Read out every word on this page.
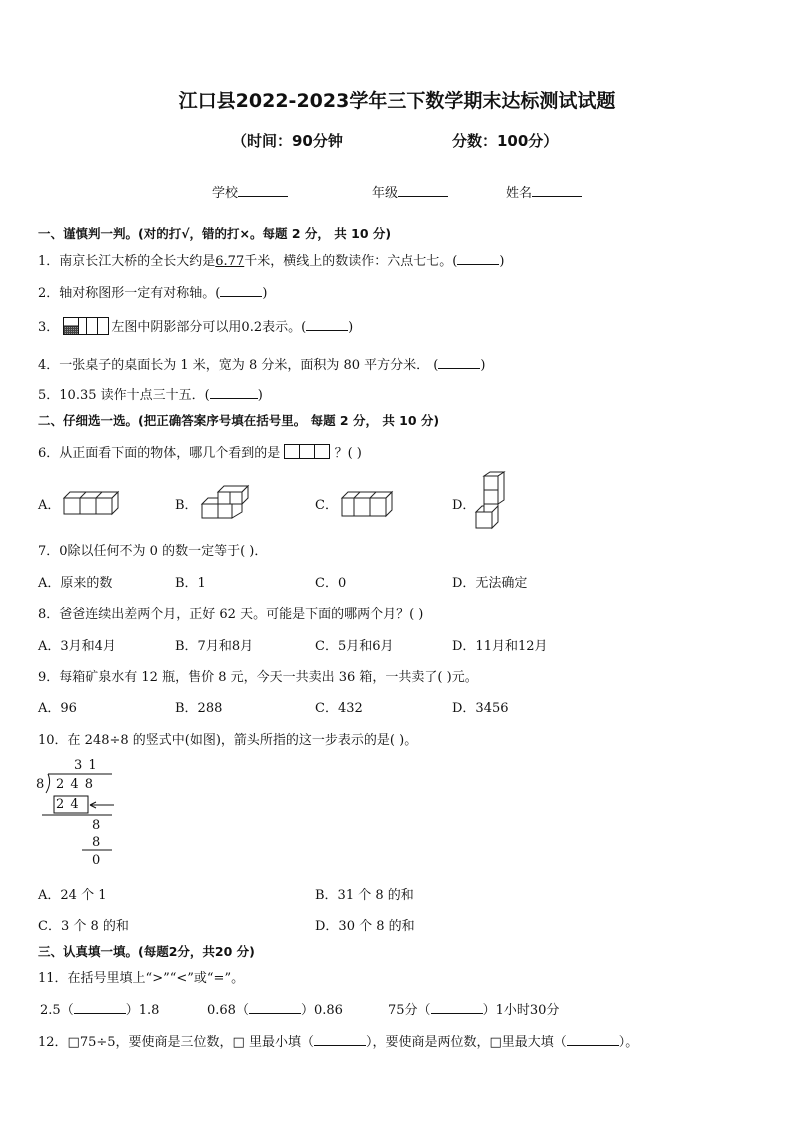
江口县2022-2023学年三下数学期末达标测试试题
（时间：90分钟	分数：100分）
学校	年级	姓名
一、谨慎判一判。(对的打√，错的打×。每题 2 分， 共 10 分)
1．南京长江大桥的全长大约是6.77千米，横线上的数读作：六点七七。(	)
2．轴对称图形一定有对称轴。(	)
3．	左图中阴影部分可以用0.2表示。(	)
4．一张桌子的桌面长为 1 米，宽为 8 分米，面积为 80 平方分米． (	)
5．10.35 读作十点三十五．(	)
二、仔细选一选。(把正确答案序号填在括号里。 每题 2 分， 共 10 分)
6．从正面看下面的物体，哪几个看到的是	？( )
A．	B．	C．	D．
7．0除以任何不为 0 的数一定等于( )．
A．原来的数	B．1	C．0	D．无法确定
8．爸爸连续出差两个月，正好 62 天。可能是下面的哪两个月？( )
A．3月和4月	B．7月和8月	C．5月和6月	D．11月和12月
9．每箱矿泉水有 12 瓶，售价 8 元，今天一共卖出 36 箱，一共卖了( )元。
A．96	B．288	C．432	D．3456
10．在 248÷8 的竖式中(如图)，箭头所指的这一步表示的是( )。
3 1
8 2 4 8
2 4
8
8
0
A．24 个 1	B．31 个 8 的和
C．3 个 8 的和	D．30 个 8 的和
三、认真填一填。(每题2分，共20 分)
11．在括号里填上“>”“<”或“=”。
2.5（	）1.8	0.68（	）0.86	75分（	）1小时30分
12．□75÷5，要使商是三位数，□ 里最小填（	），要使商是两位数，□里最大填（	）。
